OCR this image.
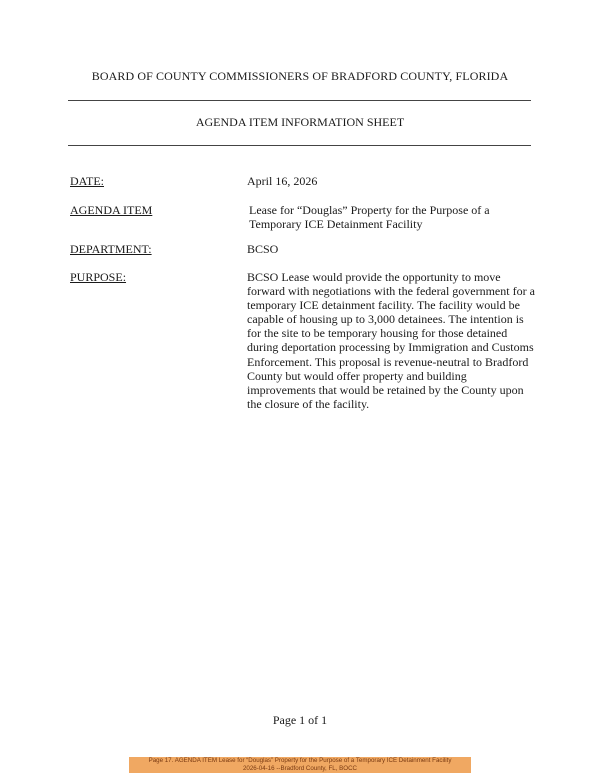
BOARD OF COUNTY COMMISSIONERS OF BRADFORD COUNTY, FLORIDA
AGENDA ITEM INFORMATION SHEET
DATE:	April 16, 2026
AGENDA ITEM	Lease for “Douglas” Property for the Purpose of a Temporary ICE Detainment Facility
DEPARTMENT:	BCSO
PURPOSE:	BCSO Lease would provide the opportunity to move forward with negotiations with the federal government for a temporary ICE detainment facility. The facility would be capable of housing up to 3,000 detainees. The intention is for the site to be temporary housing for those detained during deportation processing by Immigration and Customs Enforcement. This proposal is revenue-neutral to Bradford County but would offer property and building improvements that would be retained by the County upon the closure of the facility.
Page 1 of 1
Page 17. AGENDA ITEM Lease for “Douglas” Property for the Purpose of a Temporary ICE Detainment Facility
2026-04-16 --Bradford County, FL, BOCC
